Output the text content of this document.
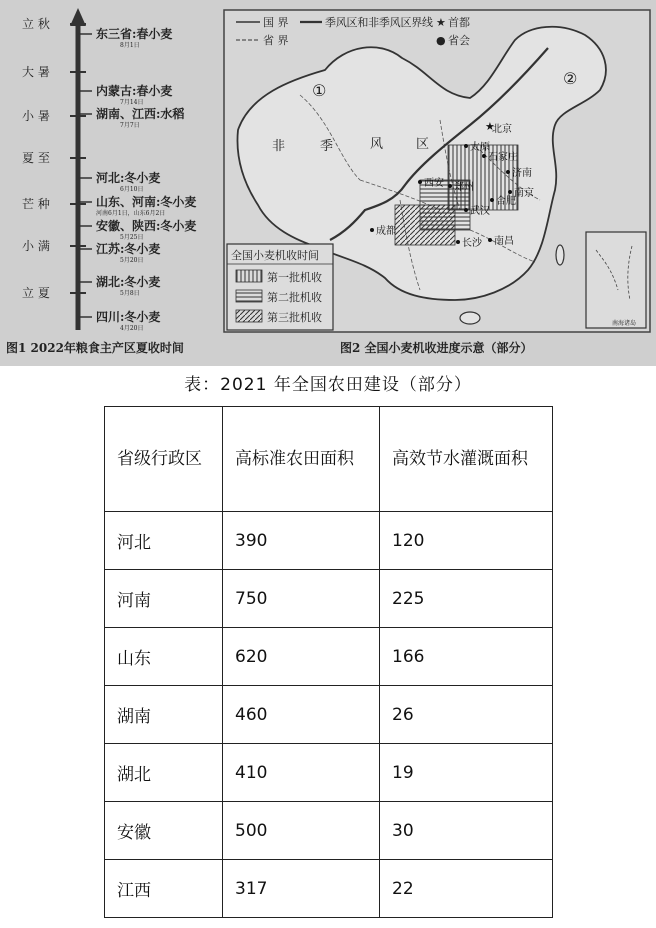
立 秋
大 暑
小 暑
夏 至
芒 种
小 满
立 夏
东三省:春小麦
8月1日
内蒙古:春小麦
7月14日
湖南、江西:水稻
7月7日
河北:冬小麦
6月10日
山东、河南:冬小麦
河南6月1日，山东6月2日
安徽、陕西:冬小麦
5月25日
江苏:冬小麦
5月20日
湖北:冬小麦
5月8日
四川:冬小麦
4月20日
图1 2022年粮食主产区夏收时间
国 界
省 界
季风区和非季风区界线 ★ 首都
● 省会
①
②
非	季	风	区
★
北京
石家庄
济南
郑州
合肥
南京
武汉
长沙 南昌
成都
西安
太原
全国小麦机收时间
第一批机收
第二批机收
第三批机收	南海诸岛
图2 全国小麦机收进度示意（部分）
表：2021 年全国农田建设（部分）
省级行政区	高标准农田面积	高效节水灌溉面积
河北	390	120
河南	750	225
山东	620	166
湖南	460	26
湖北	410	19
安徽	500	30
江西	317	22
